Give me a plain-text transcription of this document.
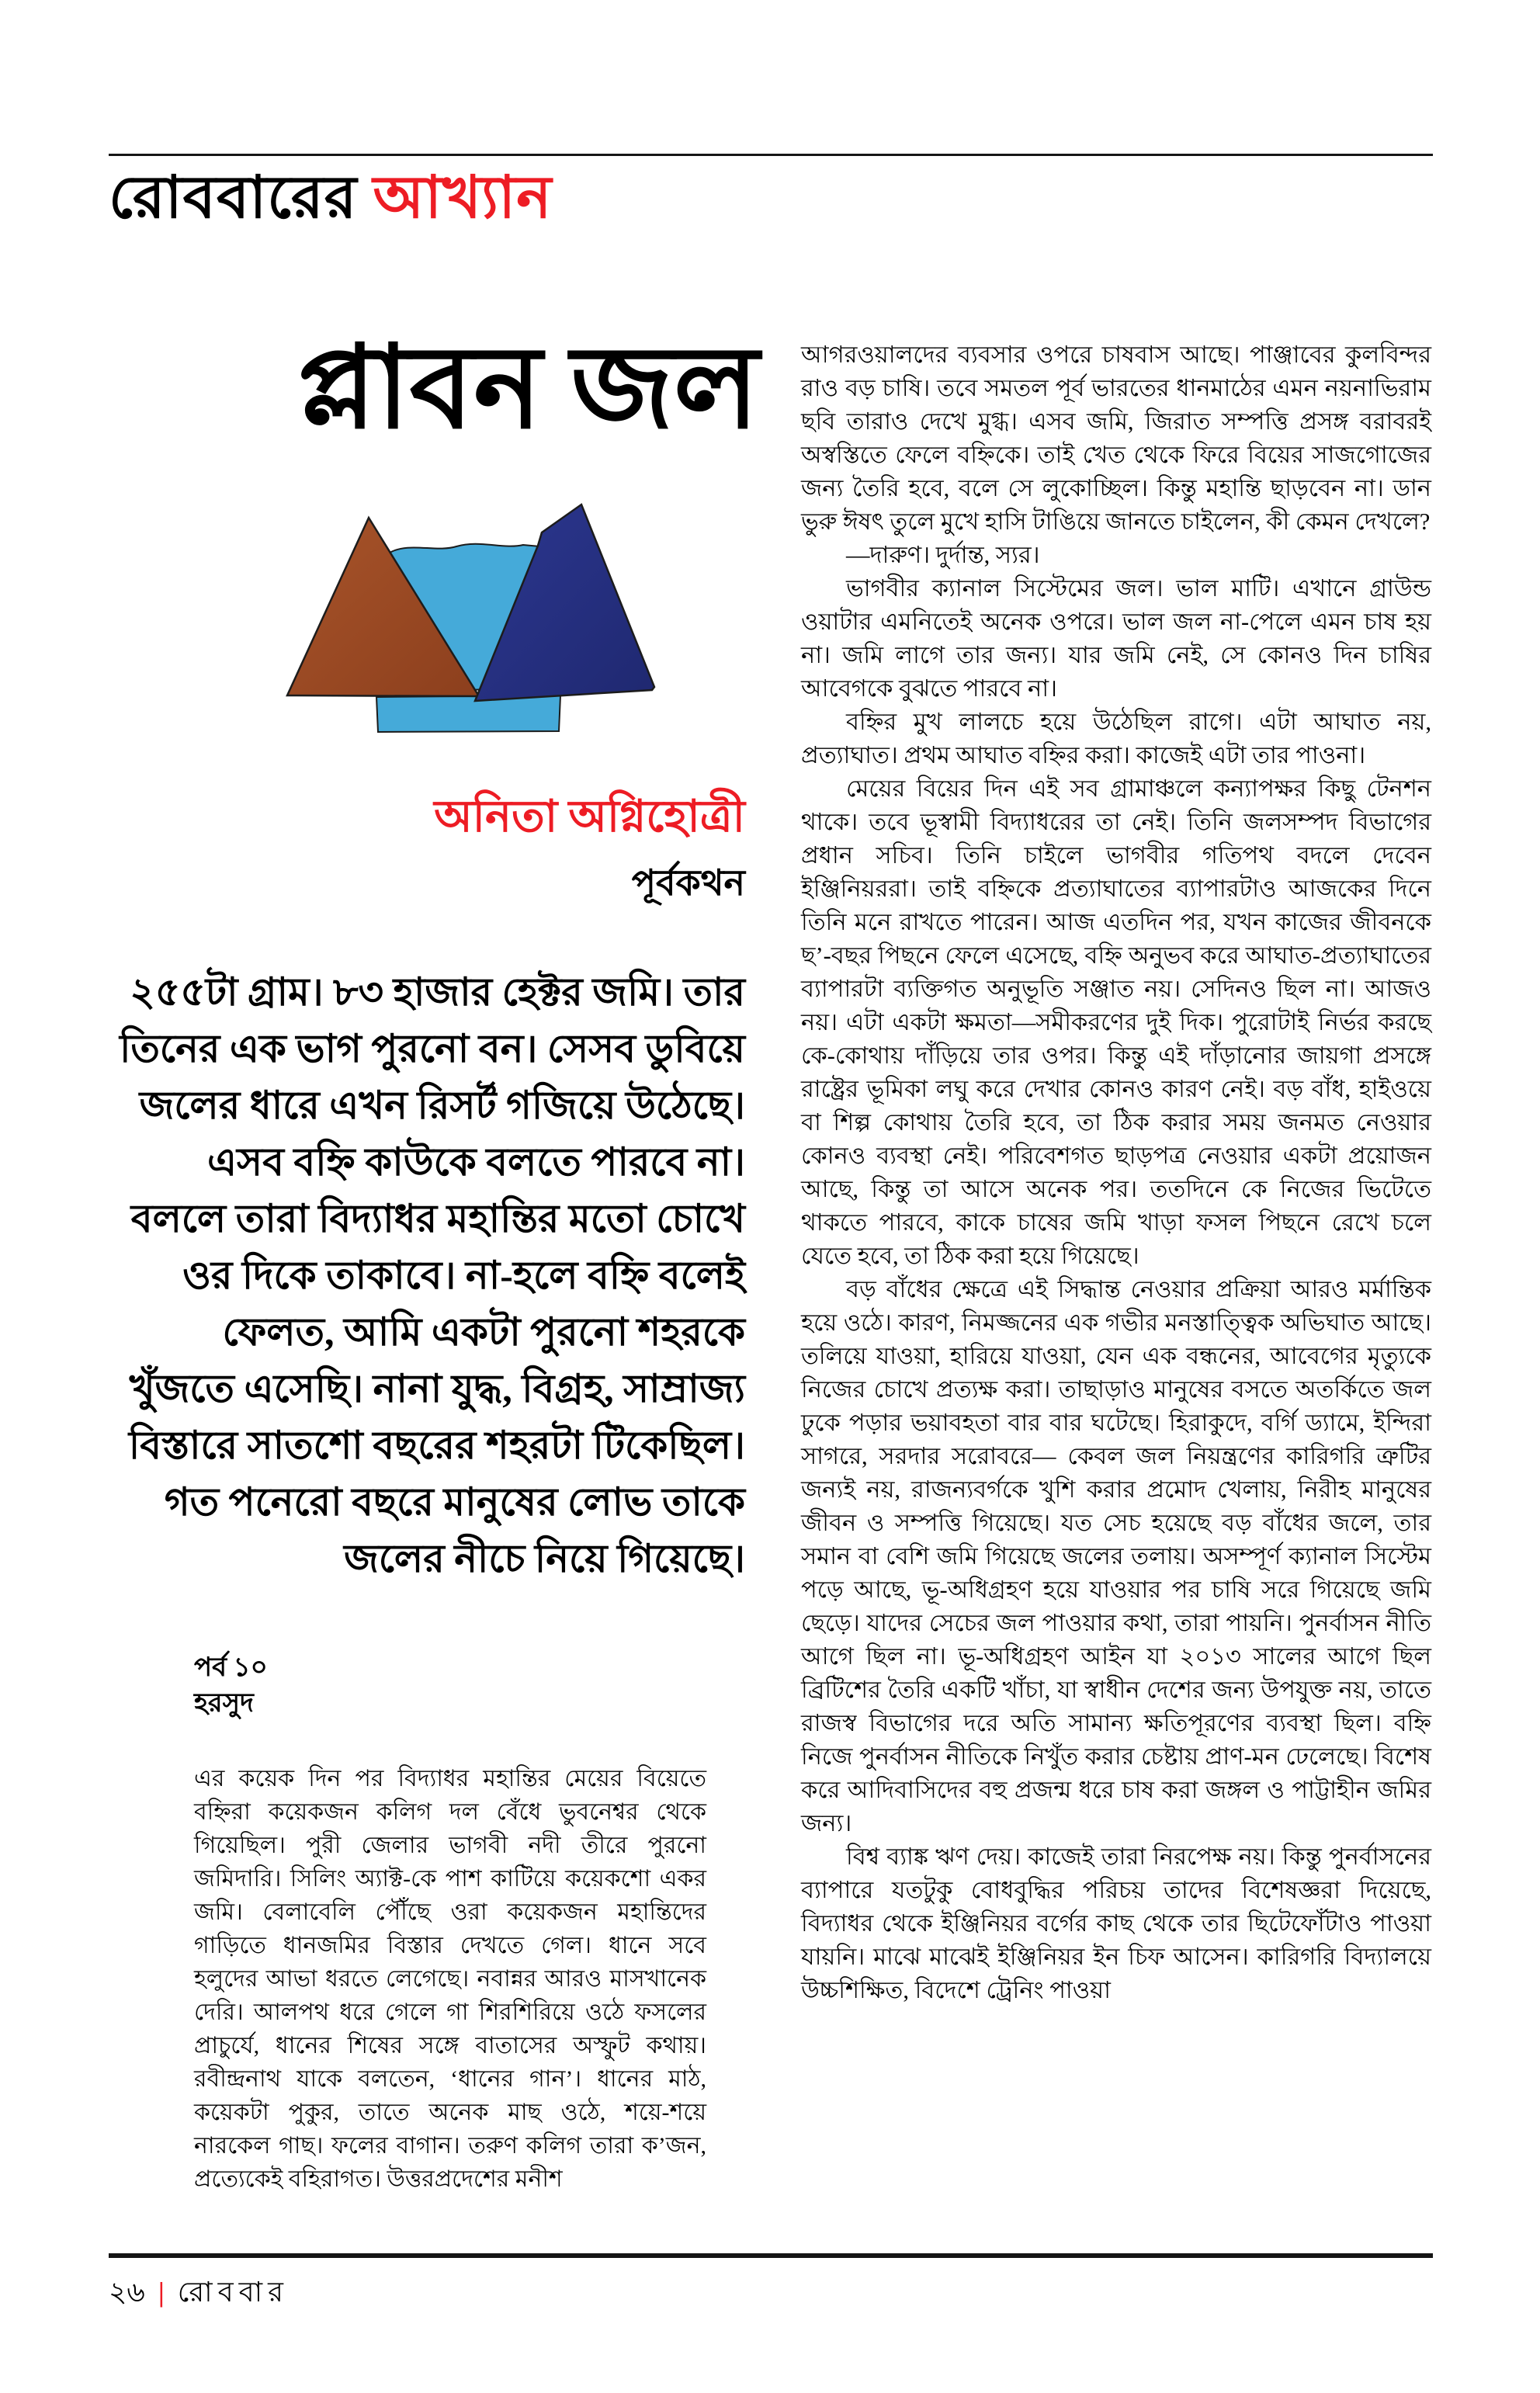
রোববারের আখ্যান
প্লাবন জল
অনিতা অগ্নিহোত্রী
পূর্বকথন
২৫৫টা গ্রাম। ৮৩ হাজার হেক্টর জমি। তার তিনের এক ভাগ পুরনো বন। সেসব ডুবিয়ে জলের ধারে এখন রিসর্ট গজিয়ে উঠেছে। এসব বহ্নি কাউকে বলতে পারবে না। বললে তারা বিদ্যাধর মহান্তির মতো চোখে ওর দিকে তাকাবে। না-হলে বহ্নি বলেই ফেলত, আমি একটা পুরনো শহরকে খুঁজতে এসেছি। নানা যুদ্ধ, বিগ্রহ, সাম্রাজ্য বিস্তারে সাতশো বছরের শহরটা টিকেছিল। গত পনেরো বছরে মানুষের লোভ তাকে জলের নীচে নিয়ে গিয়েছে।
পর্ব ১০
হরসুদ
এর কয়েক দিন পর বিদ্যাধর মহান্তির মেয়ের বিয়েতে বহ্নিরা কয়েকজন কলিগ দল বেঁধে ভুবনেশ্বর থেকে গিয়েছিল। পুরী জেলার ভাগবী নদী তীরে পুরনো জমিদারি। সিলিং অ্যাক্ট-কে পাশ কাটিয়ে কয়েকশো একর জমি। বেলাবেলি পৌঁছে ওরা কয়েকজন মহান্তিদের গাড়িতে ধানজমির বিস্তার দেখতে গেল। ধানে সবে হলুদের আভা ধরতে লেগেছে। নবান্নর আরও মাসখানেক দেরি। আলপথ ধরে গেলে গা শিরশিরিয়ে ওঠে ফসলের প্রাচুর্যে, ধানের শিষের সঙ্গে বাতাসের অস্ফুট কথায়। রবীন্দ্রনাথ যাকে বলতেন, ‘ধানের গান’। ধানের মাঠ, কয়েকটা পুকুর, তাতে অনেক মাছ ওঠে, শয়ে-শয়ে নারকেল গাছ। ফলের বাগান। তরুণ কলিগ তারা ক’জন, প্রত্যেকেই বহিরাগত। উত্তরপ্রদেশের মনীশ

আগরওয়ালদের ব্যবসার ওপরে চাষবাস আছে। পাঞ্জাবের কুলবিন্দর রাও বড় চাষি। তবে সমতল পূর্ব ভারতের ধানমাঠের এমন নয়নাভিরাম ছবি তারাও দেখে মুগ্ধ। এসব জমি, জিরাত সম্পত্তি প্রসঙ্গ বরাবরই অস্বস্তিতে ফেলে বহ্নিকে। তাই খেত থেকে ফিরে বিয়ের সাজগোজের জন্য তৈরি হবে, বলে সে লুকোচ্ছিল। কিন্তু মহান্তি ছাড়বেন না। ডান ভুরু ঈষৎ তুলে মুখে হাসি টাঙিয়ে জানতে চাইলেন, কী কেমন দেখলে?

—দারুণ। দুর্দান্ত, স্যর।

ভাগবীর ক্যানাল সিস্টেমের জল। ভাল মাটি। এখানে গ্রাউন্ড ওয়াটার এমনিতেই অনেক ওপরে। ভাল জল না-পেলে এমন চাষ হয় না। জমি লাগে তার জন্য। যার জমি নেই, সে কোনও দিন চাষির আবেগকে বুঝতে পারবে না।

বহ্নির মুখ লালচে হয়ে উঠেছিল রাগে। এটা আঘাত নয়, প্রত্যাঘাত। প্রথম আঘাত বহ্নির করা। কাজেই এটা তার পাওনা।

মেয়ের বিয়ের দিন এই সব গ্রামাঞ্চলে কন্যাপক্ষর কিছু টেনশন থাকে। তবে ভূস্বামী বিদ্যাধরের তা নেই। তিনি জলসম্পদ বিভাগের প্রধান সচিব। তিনি চাইলে ভাগবীর গতিপথ বদলে দেবেন ইঞ্জিনিয়ররা। তাই বহ্নিকে প্রত্যাঘাতের ব্যাপারটাও আজকের দিনে তিনি মনে রাখতে পারেন। আজ এতদিন পর, যখন কাজের জীবনকে ছ’-বছর পিছনে ফেলে এসেছে, বহ্নি অনুভব করে আঘাত-প্রত্যাঘাতের ব্যাপারটা ব্যক্তিগত অনুভূতি সঞ্জাত নয়। সেদিনও ছিল না। আজও নয়। এটা একটা ক্ষমতা—সমীকরণের দুই দিক। পুরোটাই নির্ভর করছে কে-কোথায় দাঁড়িয়ে তার ওপর। কিন্তু এই দাঁড়ানোর জায়গা প্রসঙ্গে রাষ্ট্রের ভূমিকা লঘু করে দেখার কোনও কারণ নেই। বড় বাঁধ, হাইওয়ে বা শিল্প কোথায় তৈরি হবে, তা ঠিক করার সময় জনমত নেওয়ার কোনও ব্যবস্থা নেই। পরিবেশগত ছাড়পত্র নেওয়ার একটা প্রয়োজন আছে, কিন্তু তা আসে অনেক পর। ততদিনে কে নিজের ভিটেতে থাকতে পারবে, কাকে চাষের জমি খাড়া ফসল পিছনে রেখে চলে যেতে হবে, তা ঠিক করা হয়ে গিয়েছে।

বড় বাঁধের ক্ষেত্রে এই সিদ্ধান্ত নেওয়ার প্রক্রিয়া আরও মর্মান্তিক হয়ে ওঠে। কারণ, নিমজ্জনের এক গভীর মনস্তাত্ত্বিক অভিঘাত আছে। তলিয়ে যাওয়া, হারিয়ে যাওয়া, যেন এক বন্ধনের, আবেগের মৃত্যুকে নিজের চোখে প্রত্যক্ষ করা। তাছাড়াও মানুষের বসতে অতর্কিতে জল ঢুকে পড়ার ভয়াবহতা বার বার ঘটেছে। হিরাকুদে, বর্গি ড্যামে, ইন্দিরা সাগরে, সরদার সরোবরে— কেবল জল নিয়ন্ত্রণের কারিগরি ত্রুটির জন্যই নয়, রাজন্যবর্গকে খুশি করার প্রমোদ খেলায়, নিরীহ মানুষের জীবন ও সম্পত্তি গিয়েছে। যত সেচ হয়েছে বড় বাঁধের জলে, তার সমান বা বেশি জমি গিয়েছে জলের তলায়। অসম্পূর্ণ ক্যানাল সিস্টেম পড়ে আছে, ভূ-অধিগ্রহণ হয়ে যাওয়ার পর চাষি সরে গিয়েছে জমি ছেড়ে। যাদের সেচের জল পাওয়ার কথা, তারা পায়নি। পুনর্বাসন নীতি আগে ছিল না। ভূ-অধিগ্রহণ আইন যা ২০১৩ সালের আগে ছিল ব্রিটিশের তৈরি একটি খাঁচা, যা স্বাধীন দেশের জন্য উপযুক্ত নয়, তাতে রাজস্ব বিভাগের দরে অতি সামান্য ক্ষতিপূরণের ব্যবস্থা ছিল। বহ্নি নিজে পুনর্বাসন নীতিকে নিখুঁত করার চেষ্টায় প্রাণ-মন ঢেলেছে। বিশেষ করে আদিবাসিদের বহু প্রজন্ম ধরে চাষ করা জঙ্গল ও পাট্টাহীন জমির জন্য।

বিশ্ব ব্যাঙ্ক ঋণ দেয়। কাজেই তারা নিরপেক্ষ নয়। কিন্তু পুনর্বাসনের ব্যাপারে যতটুকু বোধবুদ্ধির পরিচয় তাদের বিশেষজ্ঞরা দিয়েছে, বিদ্যাধর থেকে ইঞ্জিনিয়র বর্গের কাছ থেকে তার ছিটেফোঁটাও পাওয়া যায়নি। মাঝে মাঝেই ইঞ্জিনিয়র ইন চিফ আসেন। কারিগরি বিদ্যালয়ে উচ্চশিক্ষিত, বিদেশে ট্রেনিং পাওয়া

২৬ | রোববার
